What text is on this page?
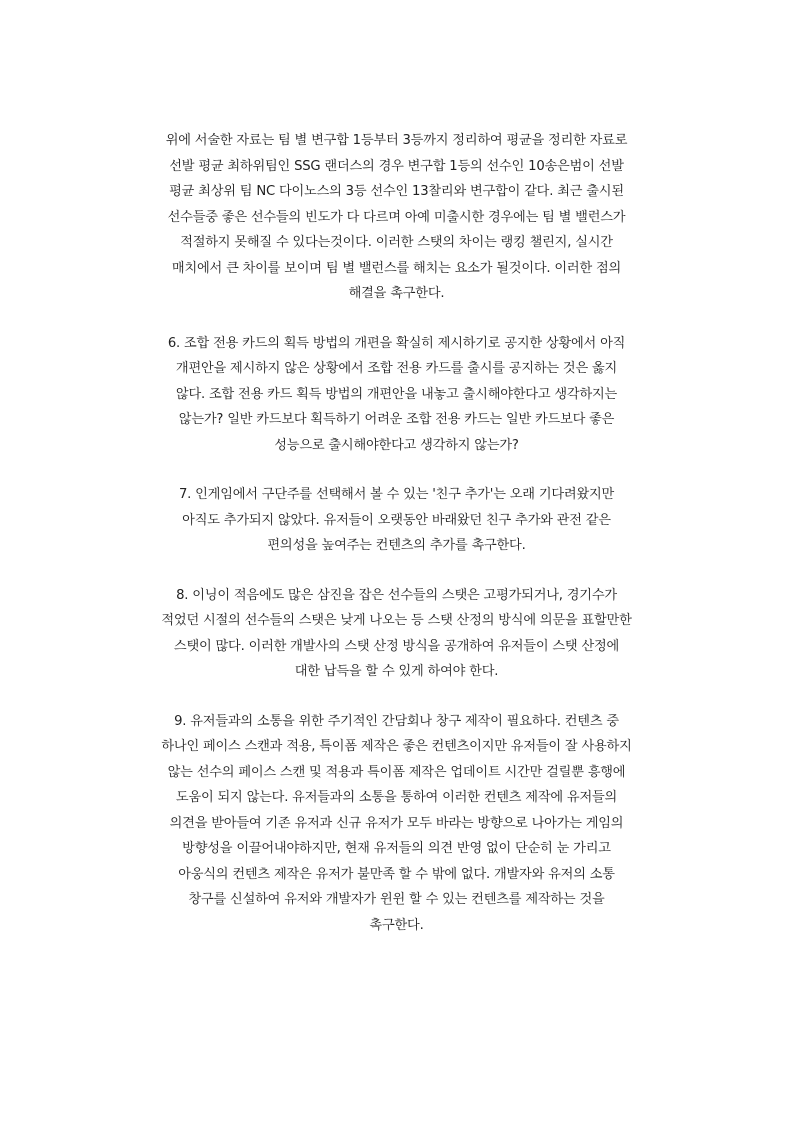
위에 서술한 자료는 팀 별 변구합 1등부터 3등까지 정리하여 평균을 정리한 자료로
선발 평균 최하위팀인 SSG 랜더스의 경우 변구합 1등의 선수인 10송은범이 선발
평균 최상위 팀 NC 다이노스의 3등 선수인 13찰리와 변구합이 같다. 최근 출시된
선수들중 좋은 선수들의 빈도가 다 다르며 아예 미출시한 경우에는 팀 별 밸런스가
적절하지 못해질 수 있다는것이다. 이러한 스탯의 차이는 랭킹 챌린지, 실시간
매치에서 큰 차이를 보이며 팀 별 밸런스를 해치는 요소가 될것이다. 이러한 점의
해결을 촉구한다.
6. 조합 전용 카드의 획득 방법의 개편을 확실히 제시하기로 공지한 상황에서 아직
개편안을 제시하지 않은 상황에서 조합 전용 카드를 출시를 공지하는 것은 옳지
않다. 조합 전용 카드 획득 방법의 개편안을 내놓고 출시해야한다고 생각하지는
않는가? 일반 카드보다 획득하기 어려운 조합 전용 카드는 일반 카드보다 좋은
성능으로 출시해야한다고 생각하지 않는가?
7. 인게임에서 구단주를 선택해서 볼 수 있는 '친구 추가'는 오래 기다려왔지만
아직도 추가되지 않았다. 유저들이 오랫동안 바래왔던 친구 추가와 관전 같은
편의성을 높여주는 컨텐츠의 추가를 촉구한다.
8. 이닝이 적음에도 많은 삼진을 잡은 선수들의 스탯은 고평가되거나, 경기수가
적었던 시절의 선수들의 스탯은 낮게 나오는 등 스탯 산정의 방식에 의문을 표할만한
스탯이 많다. 이러한 개발사의 스탯 산정 방식을 공개하여 유저들이 스탯 산정에
대한 납득을 할 수 있게 하여야 한다.
9. 유저들과의 소통을 위한 주기적인 간담회나 창구 제작이 필요하다. 컨텐츠 중
하나인 페이스 스캔과 적용, 특이폼 제작은 좋은 컨텐츠이지만 유저들이 잘 사용하지
않는 선수의 페이스 스캔 및 적용과 특이폼 제작은 업데이트 시간만 걸릴뿐 흥행에
도움이 되지 않는다. 유저들과의 소통을 통하여 이러한 컨텐츠 제작에 유저들의
의견을 받아들여 기존 유저과 신규 유저가 모두 바라는 방향으로 나아가는 게임의
방향성을 이끌어내야하지만, 현재 유저들의 의견 반영 없이 단순히 눈 가리고
아웅식의 컨텐츠 제작은 유저가 불만족 할 수 밖에 없다. 개발자와 유저의 소통
창구를 신설하여 유저와 개발자가 윈윈 할 수 있는 컨텐츠를 제작하는 것을
촉구한다.
